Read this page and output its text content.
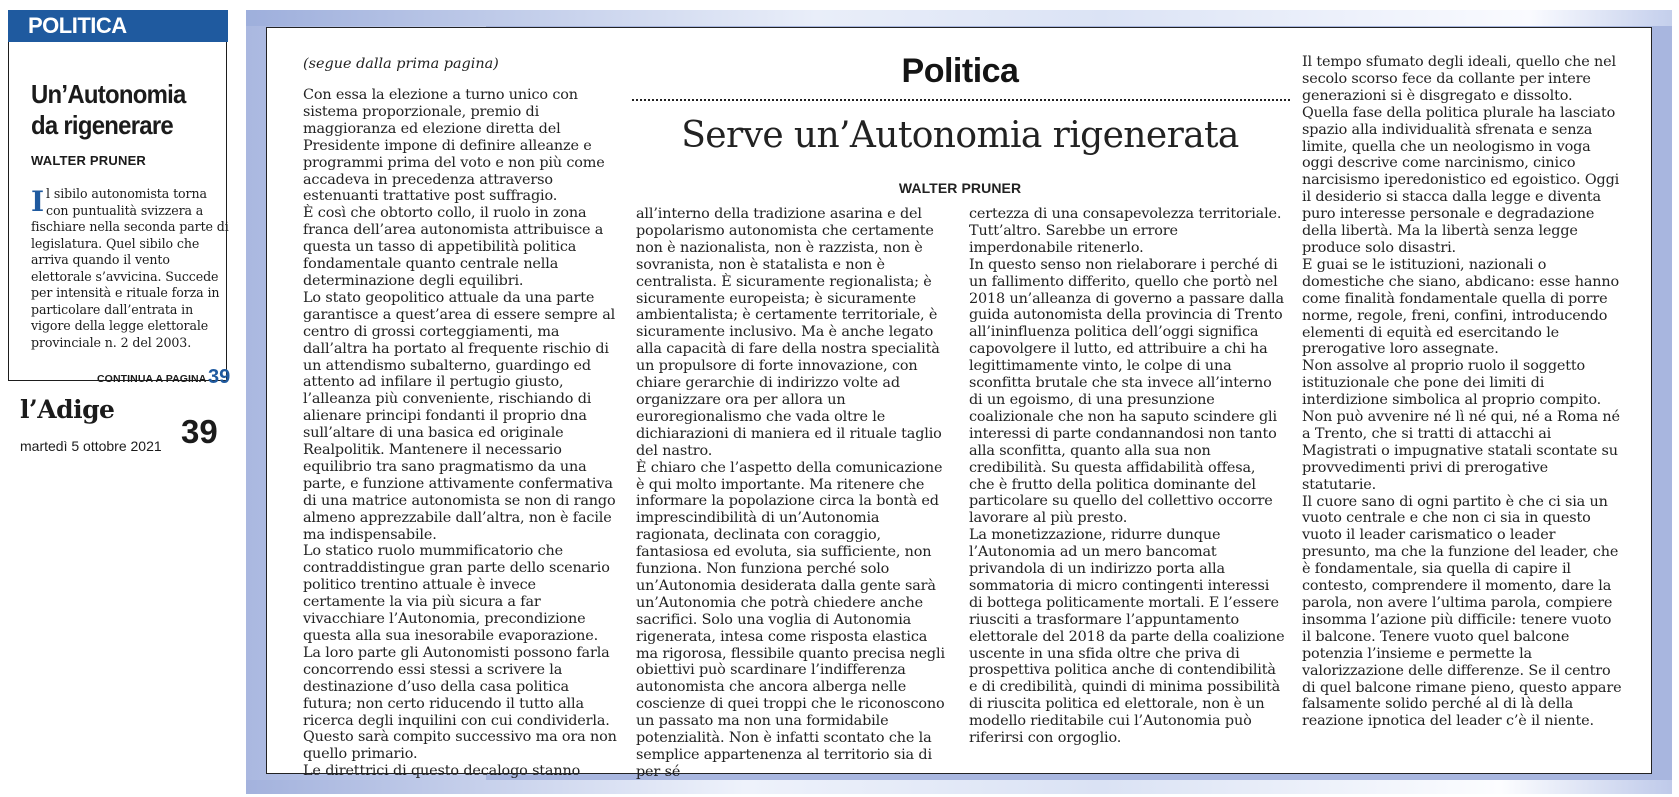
POLITICA
Un’Autonomia da rigenerare
WALTER PRUNER
Il sibilo autonomista torna con puntualità svizzera a fischiare nella seconda parte di legislatura. Quel sibilo che arriva quando il vento elettorale s’avvicina. Succede per intensità e rituale forza in particolare dall’entrata in vigore della legge elettorale provinciale n. 2 del 2003.
CONTINUA A PAGINA 39
l’Adige
martedì 5 ottobre 2021 39
(segue dalla prima pagina)	Politica
Serve un’Autonomia rigenerata
WALTER PRUNER

Con essa la elezione a turno unico con sistema proporzionale, premio di maggioranza ed elezione diretta del Presidente impone di definire alleanze e programmi prima del voto e non più come accadeva in precedenza attraverso estenuanti trattative post suffragio.

È così che obtorto collo, il ruolo in zona franca dell’area autonomista attribuisce a questa un tasso di appetibilità politica fondamentale quanto centrale nella determinazione degli equilibri.

Lo stato geopolitico attuale da una parte garantisce a quest’area di essere sempre al centro di grossi corteggiamenti, ma dall’altra ha portato al frequente rischio di un attendismo subalterno, guardingo ed attento ad infilare il pertugio giusto, l’alleanza più conveniente, rischiando di alienare principi fondanti il proprio dna sull’altare di una basica ed originale Realpolitik. Mantenere il necessario equilibrio tra sano pragmatismo da una parte, e funzione attivamente confermativa di una matrice autonomista se non di rango almeno apprezzabile dall’altra, non è facile ma indispensabile.

Lo statico ruolo mummificatorio che contraddistingue gran parte dello scenario politico trentino attuale è invece certamente la via più sicura a far vivacchiare l’Autonomia, precondizione questa alla sua inesorabile evaporazione.

La loro parte gli Autonomisti possono farla concorrendo essi stessi a scrivere la destinazione d’uso della casa politica futura; non certo riducendo il tutto alla ricerca degli inquilini con cui condividerla.

Questo sarà compito successivo ma ora non quello primario.

Le direttrici di questo decalogo stanno

all’interno della tradizione asarina e del popolarismo autonomista che certamente non è nazionalista, non è razzista, non è sovranista, non è statalista e non è centralista. È sicuramente regionalista; è sicuramente europeista; è sicuramente ambientalista; è certamente territoriale, è sicuramente inclusivo. Ma è anche legato alla capacità di fare della nostra specialità un propulsore di forte innovazione, con chiare gerarchie di indirizzo volte ad organizzare ora per allora un euroregionalismo che vada oltre le dichiarazioni di maniera ed il rituale taglio del nastro.

È chiaro che l’aspetto della comunicazione è qui molto importante. Ma ritenere che informare la popolazione circa la bontà ed imprescindibilità di un’Autonomia ragionata, declinata con coraggio, fantasiosa ed evoluta, sia sufficiente, non funziona. Non funziona perché solo un’Autonomia desiderata dalla gente sarà un’Autonomia che potrà chiedere anche sacrifici. Solo una voglia di Autonomia rigenerata, intesa come risposta elastica ma rigorosa, flessibile quanto precisa negli obiettivi può scardinare l’indifferenza autonomista che ancora alberga nelle coscienze di quei troppi che le riconoscono un passato ma non una formidabile potenzialità. Non è infatti scontato che la semplice appartenenza al territorio sia di per sé

certezza di una consapevolezza territoriale. Tutt’altro. Sarebbe un errore imperdonabile ritenerlo.

In questo senso non rielaborare i perché di un fallimento differito, quello che portò nel 2018 un’alleanza di governo a passare dalla guida autonomista della provincia di Trento all’ininfluenza politica dell’oggi significa capovolgere il lutto, ed attribuire a chi ha legittimamente vinto, le colpe di una sconfitta brutale che sta invece all’interno di un egoismo, di una presunzione coalizionale che non ha saputo scindere gli interessi di parte condannandosi non tanto alla sconfitta, quanto alla sua non credibilità. Su questa affidabilità offesa, che è frutto della politica dominante del particolare su quello del collettivo occorre lavorare al più presto.

La monetizzazione, ridurre dunque l’Autonomia ad un mero bancomat privandola di un indirizzo porta alla sommatoria di micro contingenti interessi di bottega politicamente mortali. E l’essere riusciti a trasformare l’appuntamento elettorale del 2018 da parte della coalizione uscente in una sfida oltre che priva di prospettiva politica anche di contendibilità e di credibilità, quindi di minima possibilità di riuscita politica ed elettorale, non è un modello rieditabile cui l’Autonomia può riferirsi con orgoglio.

Il tempo sfumato degli ideali, quello che nel secolo scorso fece da collante per intere generazioni si è disgregato e dissolto. Quella fase della politica plurale ha lasciato spazio alla individualità sfrenata e senza limite, quella che un neologismo in voga oggi descrive come narcinismo, cinico narcisismo iperedonistico ed egoistico. Oggi il desiderio si stacca dalla legge e diventa puro interesse personale e degradazione della libertà. Ma la libertà senza legge produce solo disastri.

E guai se le istituzioni, nazionali o domestiche che siano, abdicano: esse hanno come finalità fondamentale quella di porre norme, regole, freni, confini, introducendo elementi di equità ed esercitando le prerogative loro assegnate.

Non assolve al proprio ruolo il soggetto istituzionale che pone dei limiti di interdizione simbolica al proprio compito. Non può avvenire né lì né qui, né a Roma né a Trento, che si tratti di attacchi ai Magistrati o impugnative statali scontate su provvedimenti privi di prerogative statutarie.

Il cuore sano di ogni partito è che ci sia un vuoto centrale e che non ci sia in questo vuoto il leader carismatico o leader presunto, ma che la funzione del leader, che è fondamentale, sia quella di capire il contesto, comprendere il momento, dare la parola, non avere l’ultima parola, compiere insomma l’azione più difficile: tenere vuoto il balcone. Tenere vuoto quel balcone potenzia l’insieme e permette la valorizzazione delle differenze. Se il centro di quel balcone rimane pieno, questo appare falsamente solido perché al di là della reazione ipnotica del leader c’è il niente.
